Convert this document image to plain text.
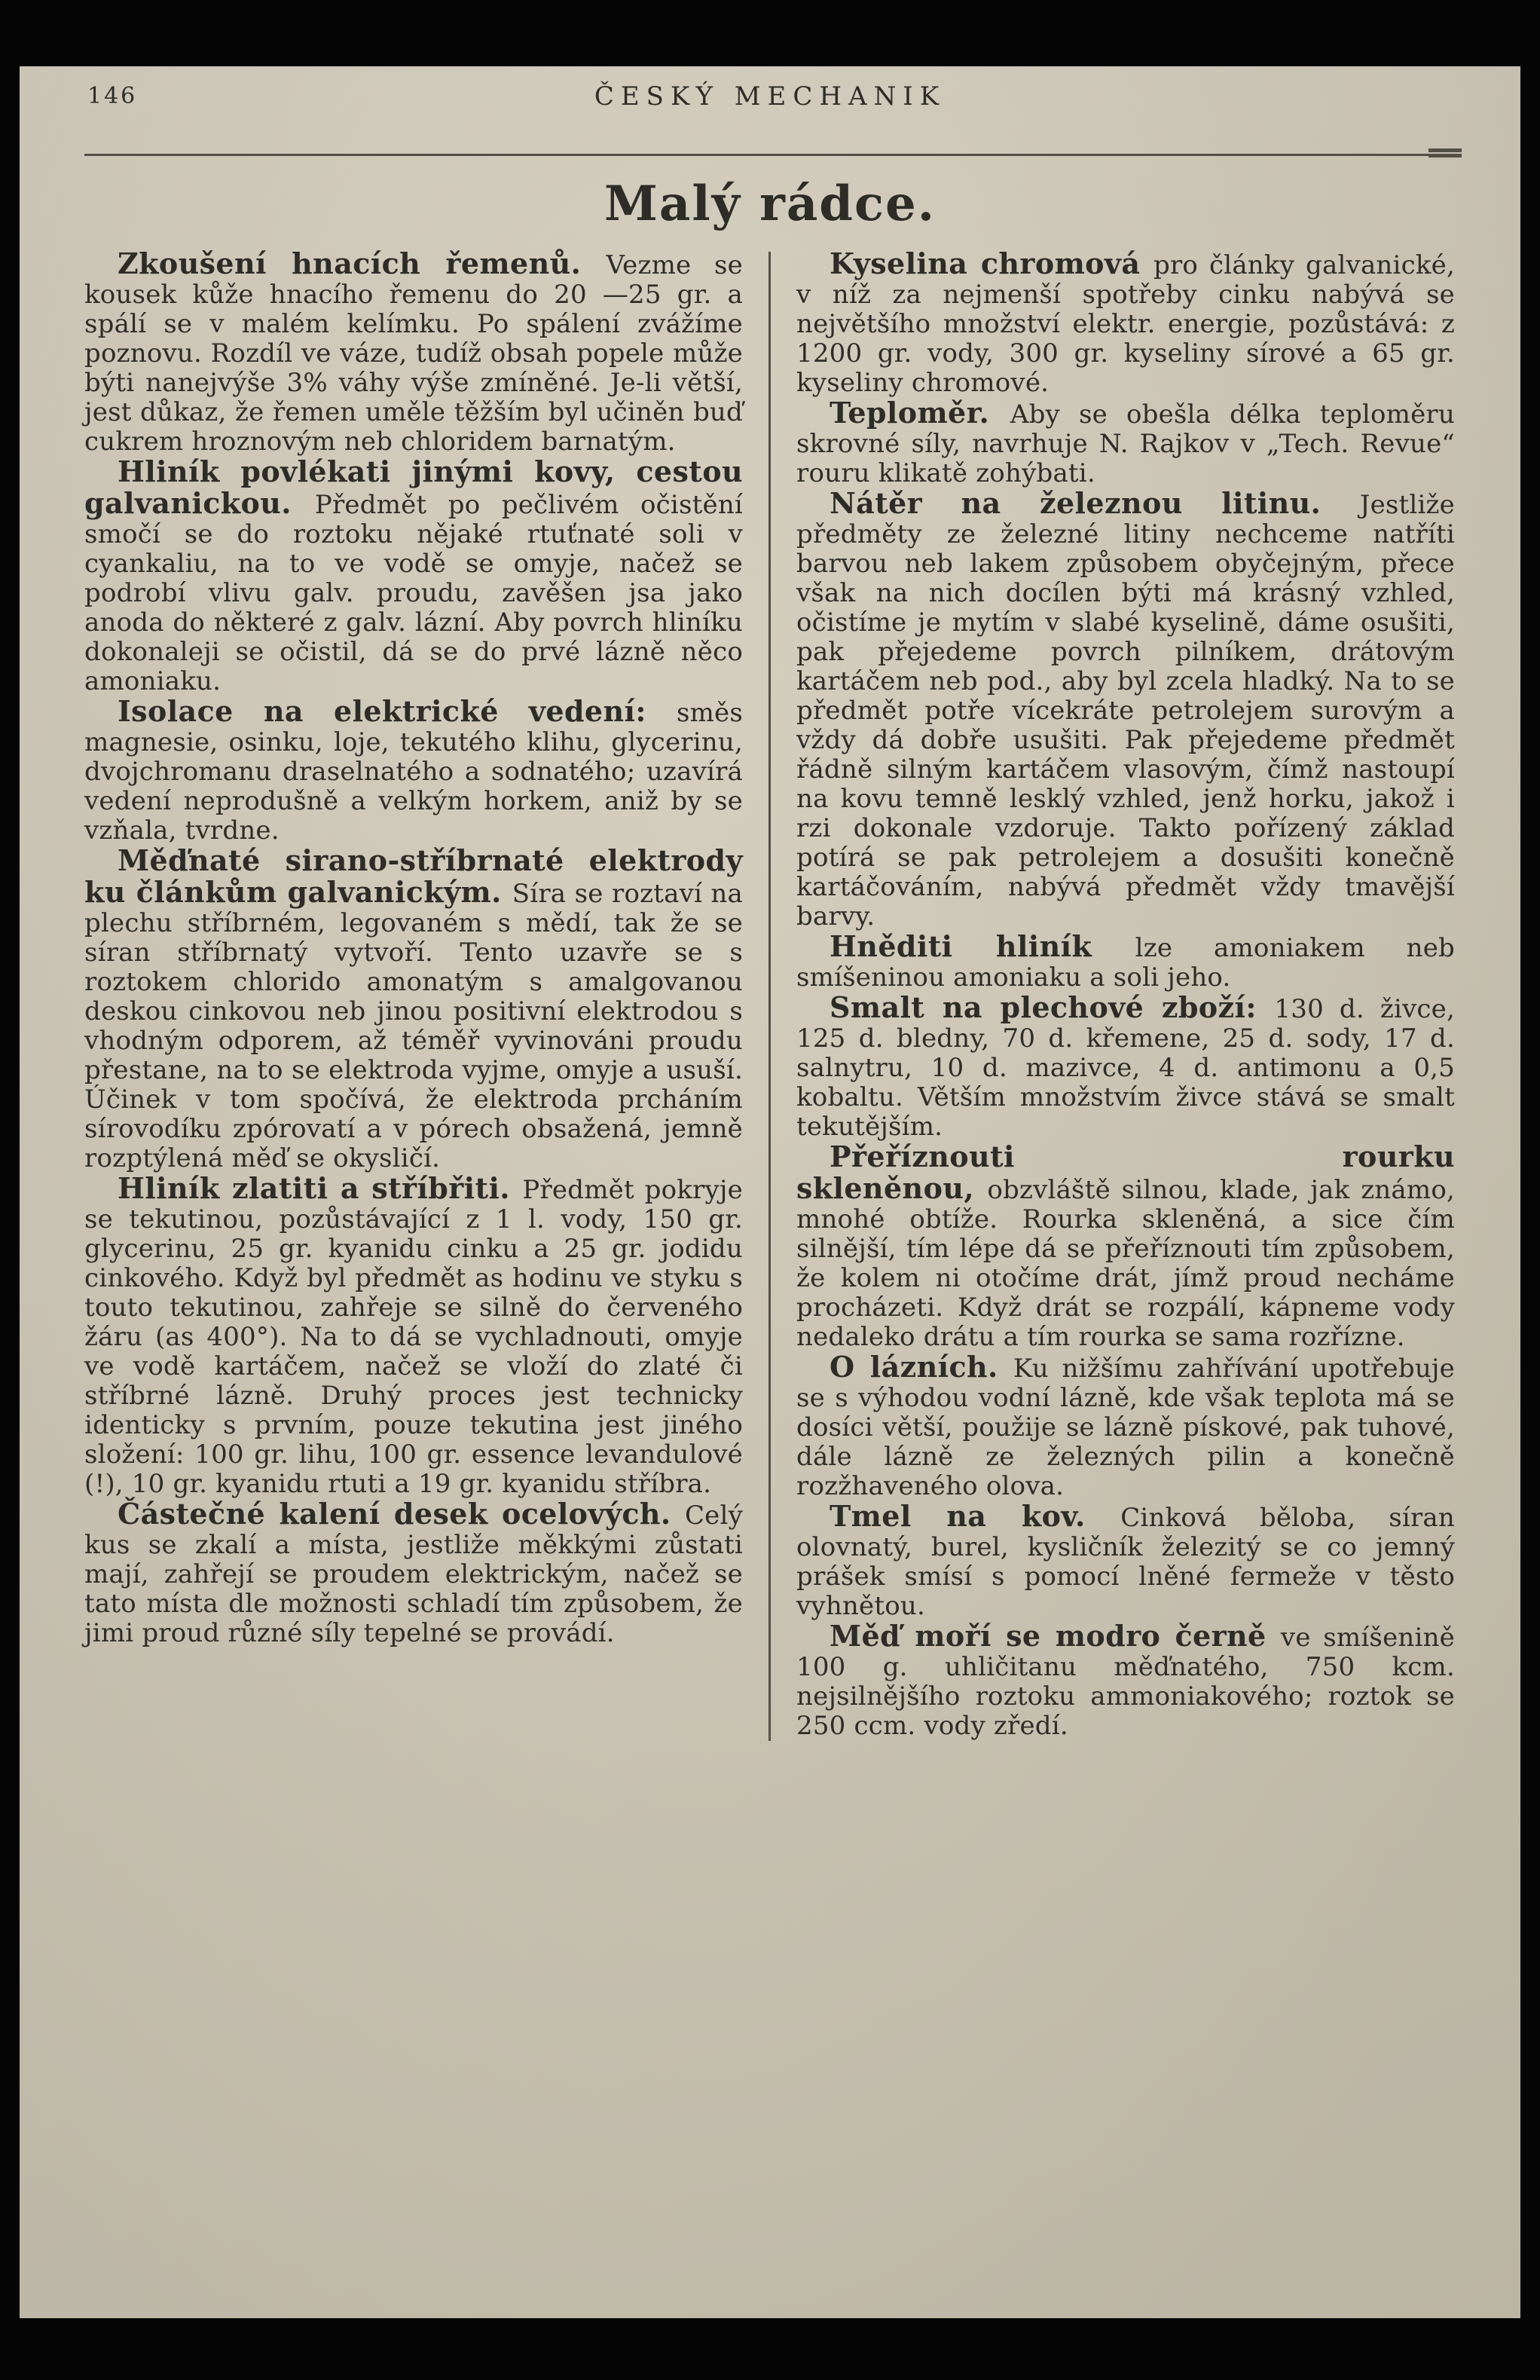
146	ČESKÝ MECHANIK
Malý rádce.

Zkoušení hnacích řemenů. Vezme se kousek kůže hnacího řemenu do 20 —25 gr. a spálí se v malém kelímku. Po spálení zvážíme poznovu. Rozdíl ve váze, tudíž obsah popele může býti nanejvýše 3% váhy výše zmíněné. Je-li větší, jest důkaz, že řemen uměle těžším byl učiněn buď cukrem hroznovým neb chloridem barnatým.

Hliník povlékati jinými kovy, cestou galvanickou. Předmět po pečlivém očistění smočí se do roztoku nějaké rtuťnaté soli v cyankaliu, na to ve vodě se omyje, načež se podrobí vlivu galv. proudu, zavěšen jsa jako anoda do některé z galv. lázní. Aby povrch hliníku dokonaleji se očistil, dá se do prvé lázně něco amoniaku.

Isolace na elektrické vedení: směs magnesie, osinku, loje, tekutého klihu, glycerinu, dvojchromanu draselnatého a sodnatého; uzavírá vedení neprodušně a velkým horkem, aniž by se vzňala, tvrdne.

Měďnaté sirano-stříbrnaté elektrody ku článkům galvanickým. Síra se roztaví na plechu stříbrném, legovaném s mědí, tak že se síran stříbrnatý vytvoří. Tento uzavře se s roztokem chlorido amonatým s amalgovanou deskou cinkovou neb jinou positivní elektrodou s vhodným odporem, až téměř vyvinováni proudu přestane, na to se elektroda vyjme, omyje a usuší. Účinek v tom spočívá, že elektroda prcháním sírovodíku zpórovatí a v pórech obsažená, jemně rozptýlená měď se okysličí.

Hliník zlatiti a stříbřiti. Předmět pokryje se tekutinou, pozůstávající z 1 l. vody, 150 gr. glycerinu, 25 gr. kyanidu cinku a 25 gr. jodidu cinkového. Když byl předmět as hodinu ve styku s touto tekutinou, zahřeje se silně do červeného žáru (as 400°). Na to dá se vychladnouti, omyje ve vodě kartáčem, načež se vloží do zlaté či stříbrné lázně. Druhý proces jest technicky identicky s prvním, pouze tekutina jest jiného složení: 100 gr. lihu, 100 gr. essence levandulové (!), 10 gr. kyanidu rtuti a 19 gr. kyanidu stříbra.

Částečné kalení desek ocelových. Celý kus se zkalí a místa, jestliže měkkými zůstati mají, zahřejí se proudem elektrickým, načež se tato místa dle možnosti schladí tím způsobem, že jimi proud různé síly tepelné se provádí.

Kyselina chromová pro články galvanické, v níž za nejmenší spotřeby cinku nabývá se největšího množství elektr. energie, pozůstává: z 1200 gr. vody, 300 gr. kyseliny sírové a 65 gr. kyseliny chromové.

Teploměr. Aby se obešla délka teploměru skrovné síly, navrhuje N. Rajkov v „Tech. Revue“ rouru klikatě zohýbati.

Nátěr na železnou litinu. Jestliže předměty ze železné litiny nechceme natříti barvou neb lakem způsobem obyčejným, přece však na nich docílen býti má krásný vzhled, očistíme je mytím v slabé kyselině, dáme osušiti, pak přejedeme povrch pilníkem, drátovým kartáčem neb pod., aby byl zcela hladký. Na to se předmět potře vícekráte petrolejem surovým a vždy dá dobře usušiti. Pak přejedeme předmět řádně silným kartáčem vlasovým, čímž nastoupí na kovu temně lesklý vzhled, jenž horku, jakož i rzi dokonale vzdoruje. Takto pořízený základ potírá se pak petrolejem a dosušiti konečně kartáčováním, nabývá předmět vždy tmavější barvy.

Hněditi hliník lze amoniakem neb smíšeninou amoniaku a soli jeho.

Smalt na plechové zboží: 130 d. živce, 125 d. bledny, 70 d. křemene, 25 d. sody, 17 d. salnytru, 10 d. mazivce, 4 d. antimonu a 0,5 kobaltu. Větším množstvím živce stává se smalt tekutějším.

Přeříznouti rourku skleněnou, obzvláště silnou, klade, jak známo, mnohé obtíže. Rourka skleněná, a sice čím silnější, tím lépe dá se přeříznouti tím způsobem, že kolem ni otočíme drát, jímž proud necháme procházeti. Když drát se rozpálí, kápneme vody nedaleko drátu a tím rourka se sama rozřízne.

O lázních. Ku nižšímu zahřívání upotřebuje se s výhodou vodní lázně, kde však teplota má se dosíci větší, použije se lázně pískové, pak tuhové, dále lázně ze železných pilin a konečně rozžhaveného olova.

Tmel na kov. Cinková běloba, síran olovnatý, burel, kysličník železitý se co jemný prášek smísí s pomocí lněné fermeže v těsto vyhnětou.

Měď moří se modro černě ve smíšenině 100 g. uhličitanu měďnatého, 750 kcm. nejsilnějšího roztoku ammoniakového; roztok se 250 ccm. vody zředí.
